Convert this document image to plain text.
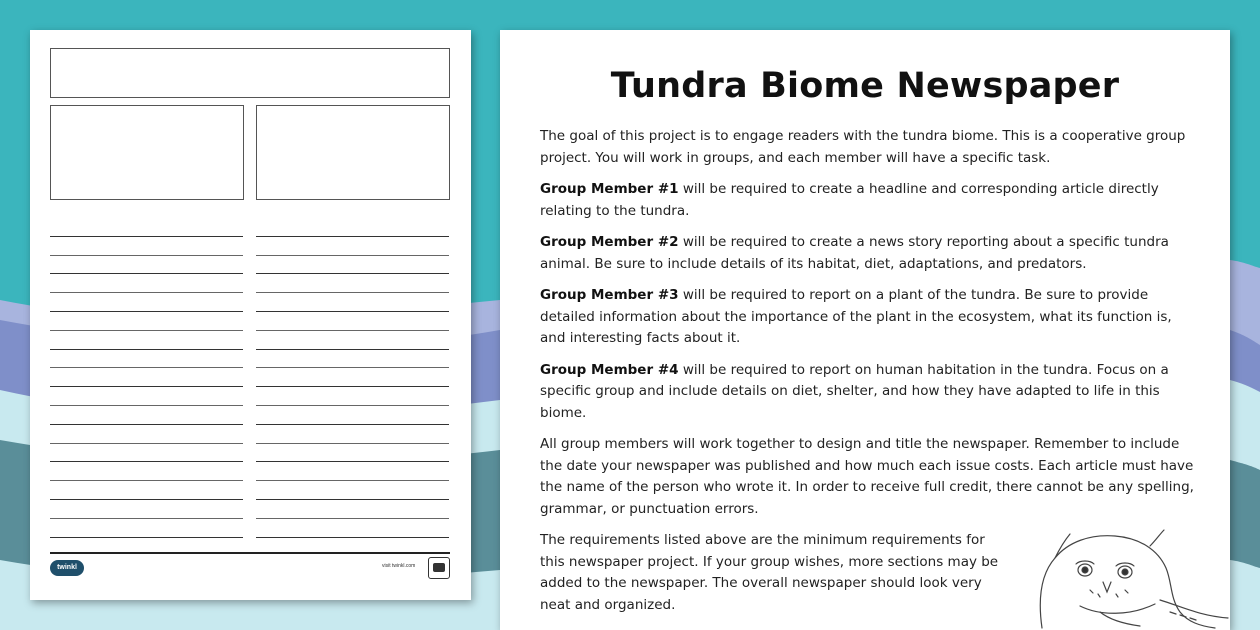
twinkl	visit twinkl.com
Tundra Biome Newspaper

The goal of this project is to engage readers with the tundra biome. This is a cooperative group project. You will work in groups, and each member will have a specific task.

Group Member #1 will be required to create a headline and corresponding article directly relating to the tundra.

Group Member #2 will be required to create a news story reporting about a specific tundra animal. Be sure to include details of its habitat, diet, adaptations, and predators.

Group Member #3 will be required to report on a plant of the tundra. Be sure to provide detailed information about the importance of the plant in the ecosystem, what its function is, and interesting facts about it.

Group Member #4 will be required to report on human habitation in the tundra. Focus on a specific group and include details on diet, shelter, and how they have adapted to life in this biome.

All group members will work together to design and title the newspaper. Remember to include the date your newspaper was published and how much each issue costs. Each article must have the name of the person who wrote it. In order to receive full credit, there cannot be any spelling, grammar, or punctuation errors.

The requirements listed above are the minimum requirements for this newspaper project. If your group wishes, more sections may be added to the newspaper. The overall newspaper should look very neat and organized.
